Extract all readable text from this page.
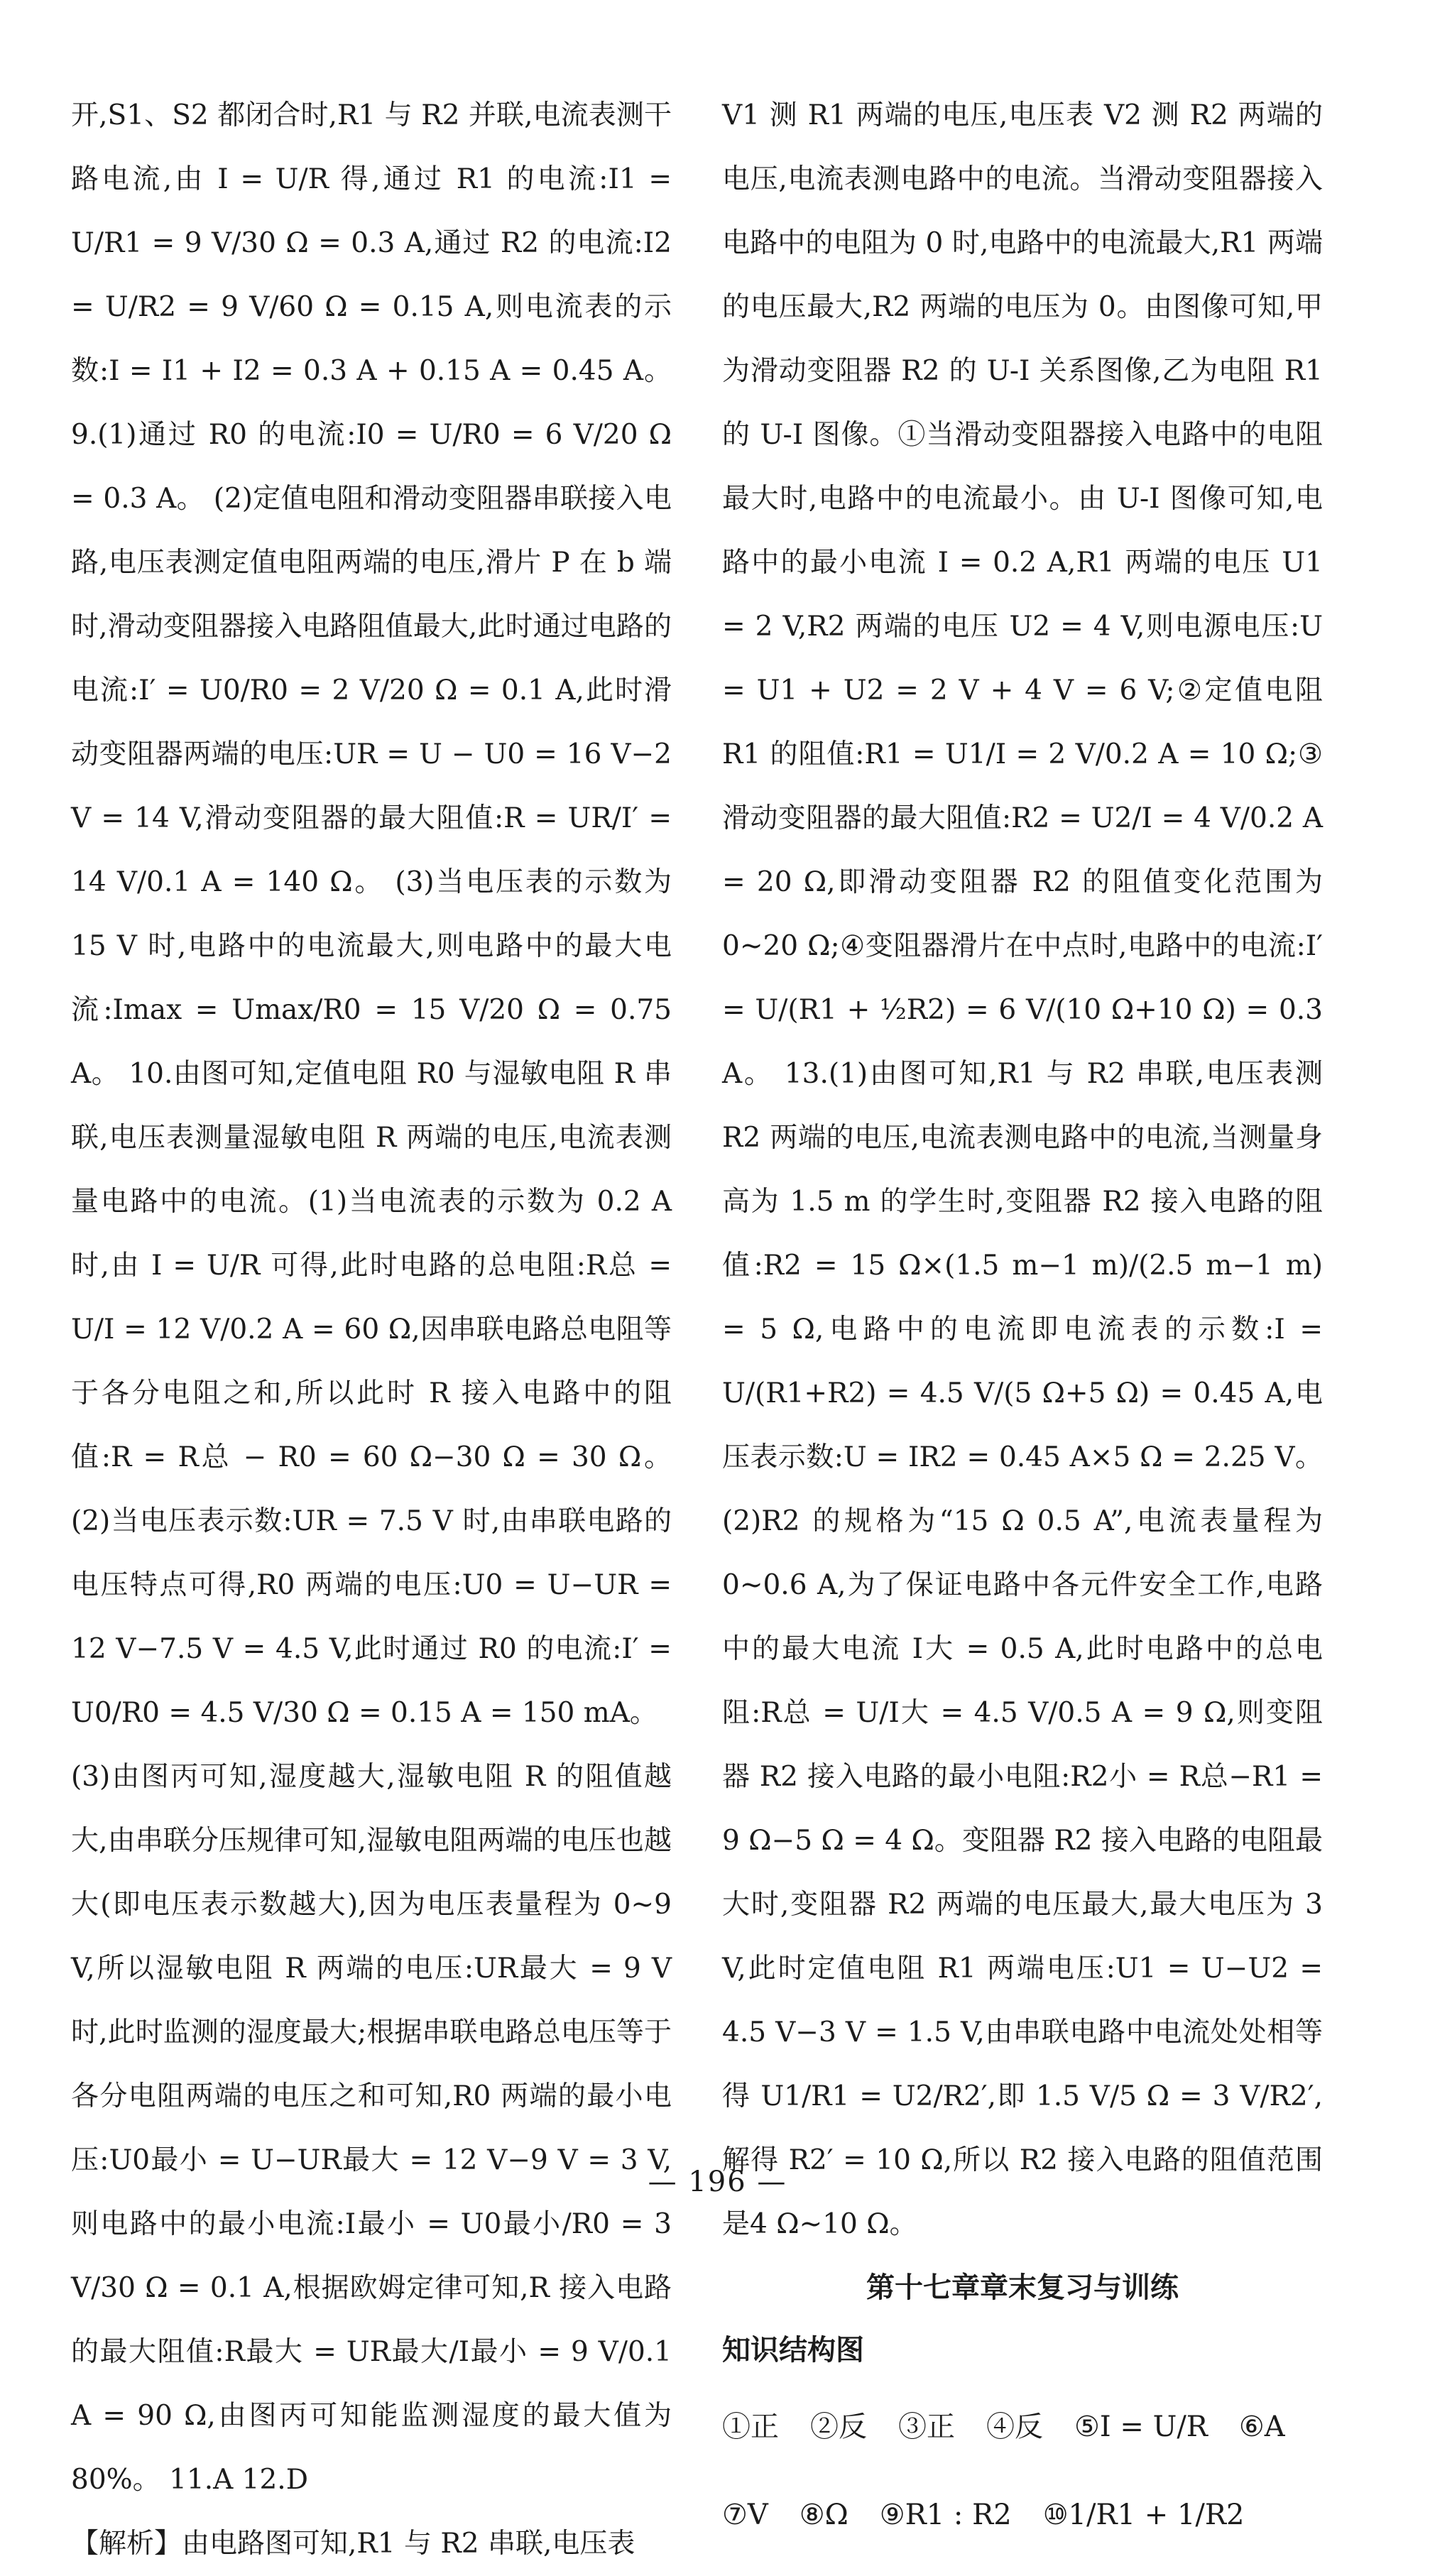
开,S1、S2 都闭合时,R1 与 R2 并联,电流表测干路电流,由 I = U/R 得,通过 R1 的电流:I1 = U/R1 = 9 V/30 Ω = 0.3 A,通过 R2 的电流:I2 = U/R2 = 9 V/60 Ω = 0.15 A,则电流表的示数:I = I1 + I2 = 0.3 A + 0.15 A = 0.45 A。 9.(1)通过 R0 的电流:I0 = U/R0 = 6 V/20 Ω = 0.3 A。 (2)定值电阻和滑动变阻器串联接入电路,电压表测定值电阻两端的电压,滑片 P 在 b 端时,滑动变阻器接入电路阻值最大,此时通过电路的电流:I′ = U0/R0 = 2 V/20 Ω = 0.1 A,此时滑动变阻器两端的电压:UR = U − U0 = 16 V−2 V = 14 V,滑动变阻器的最大阻值:R = UR/I′ = 14 V/0.1 A = 140 Ω。 (3)当电压表的示数为 15 V 时,电路中的电流最大,则电路中的最大电流:Imax = Umax/R0 = 15 V/20 Ω = 0.75 A。 10.由图可知,定值电阻 R0 与湿敏电阻 R 串联,电压表测量湿敏电阻 R 两端的电压,电流表测量电路中的电流。(1)当电流表的示数为 0.2 A 时,由 I = U/R 可得,此时电路的总电阻:R总 = U/I = 12 V/0.2 A = 60 Ω,因串联电路总电阻等于各分电阻之和,所以此时 R 接入电路中的阻值:R = R总 − R0 = 60 Ω−30 Ω = 30 Ω。 (2)当电压表示数:UR = 7.5 V 时,由串联电路的电压特点可得,R0 两端的电压:U0 = U−UR = 12 V−7.5 V = 4.5 V,此时通过 R0 的电流:I′ = U0/R0 = 4.5 V/30 Ω = 0.15 A = 150 mA。

(3)由图丙可知,湿度越大,湿敏电阻 R 的阻值越大,由串联分压规律可知,湿敏电阻两端的电压也越大(即电压表示数越大),因为电压表量程为 0~9 V,所以湿敏电阻 R 两端的电压:UR最大 = 9 V 时,此时监测的湿度最大;根据串联电路总电压等于各分电阻两端的电压之和可知,R0 两端的最小电压:U0最小 = U−UR最大 = 12 V−9 V = 3 V,则电路中的最小电流:I最小 = U0最小/R0 = 3 V/30 Ω = 0.1 A,根据欧姆定律可知,R 接入电路的最大阻值:R最大 = UR最大/I最小 = 9 V/0.1 A = 90 Ω,由图丙可知能监测湿度的最大值为 80%。 11.A 12.D

【解析】由电路图可知,R1 与 R2 串联,电压表

V1 测 R1 两端的电压,电压表 V2 测 R2 两端的电压,电流表测电路中的电流。当滑动变阻器接入电路中的电阻为 0 时,电路中的电流最大,R1 两端的电压最大,R2 两端的电压为 0。由图像可知,甲为滑动变阻器 R2 的 U-I 关系图像,乙为电阻 R1 的 U-I 图像。①当滑动变阻器接入电路中的电阻最大时,电路中的电流最小。由 U-I 图像可知,电路中的最小电流 I = 0.2 A,R1 两端的电压 U1 = 2 V,R2 两端的电压 U2 = 4 V,则电源电压:U = U1 + U2 = 2 V + 4 V = 6 V;②定值电阻 R1 的阻值:R1 = U1/I = 2 V/0.2 A = 10 Ω;③滑动变阻器的最大阻值:R2 = U2/I = 4 V/0.2 A = 20 Ω,即滑动变阻器 R2 的阻值变化范围为0~20 Ω;④变阻器滑片在中点时,电路中的电流:I′ = U/(R1 + ½R2) = 6 V/(10 Ω+10 Ω) = 0.3 A。 13.(1)由图可知,R1 与 R2 串联,电压表测 R2 两端的电压,电流表测电路中的电流,当测量身高为 1.5 m 的学生时,变阻器 R2 接入电路的阻值:R2 = 15 Ω×(1.5 m−1 m)/(2.5 m−1 m) = 5 Ω,电路中的电流即电流表的示数:I = U/(R1+R2) = 4.5 V/(5 Ω+5 Ω) = 0.45 A,电压表示数:U = IR2 = 0.45 A×5 Ω = 2.25 V。 (2)R2 的规格为“15 Ω 0.5 A”,电流表量程为 0~0.6 A,为了保证电路中各元件安全工作,电路中的最大电流 I大 = 0.5 A,此时电路中的总电阻:R总 = U/I大 = 4.5 V/0.5 A = 9 Ω,则变阻器 R2 接入电路的最小电阻:R2小 = R总−R1 = 9 Ω−5 Ω = 4 Ω。变阻器 R2 接入电路的电阻最大时,变阻器 R2 两端的电压最大,最大电压为 3 V,此时定值电阻 R1 两端电压:U1 = U−U2 = 4.5 V−3 V = 1.5 V,由串联电路中电流处处相等得 U1/R1 = U2/R2′,即 1.5 V/5 Ω = 3 V/R2′,解得 R2′ = 10 Ω,所以 R2 接入电路的阻值范围是4 Ω~10 Ω。

第十七章章末复习与训练
知识结构图
①正 ②反 ③正 ④反 ⑤I = U/R ⑥A
⑦V ⑧Ω ⑨R1 : R2 ⑩1/R1 + 1/R2
— 196 —
